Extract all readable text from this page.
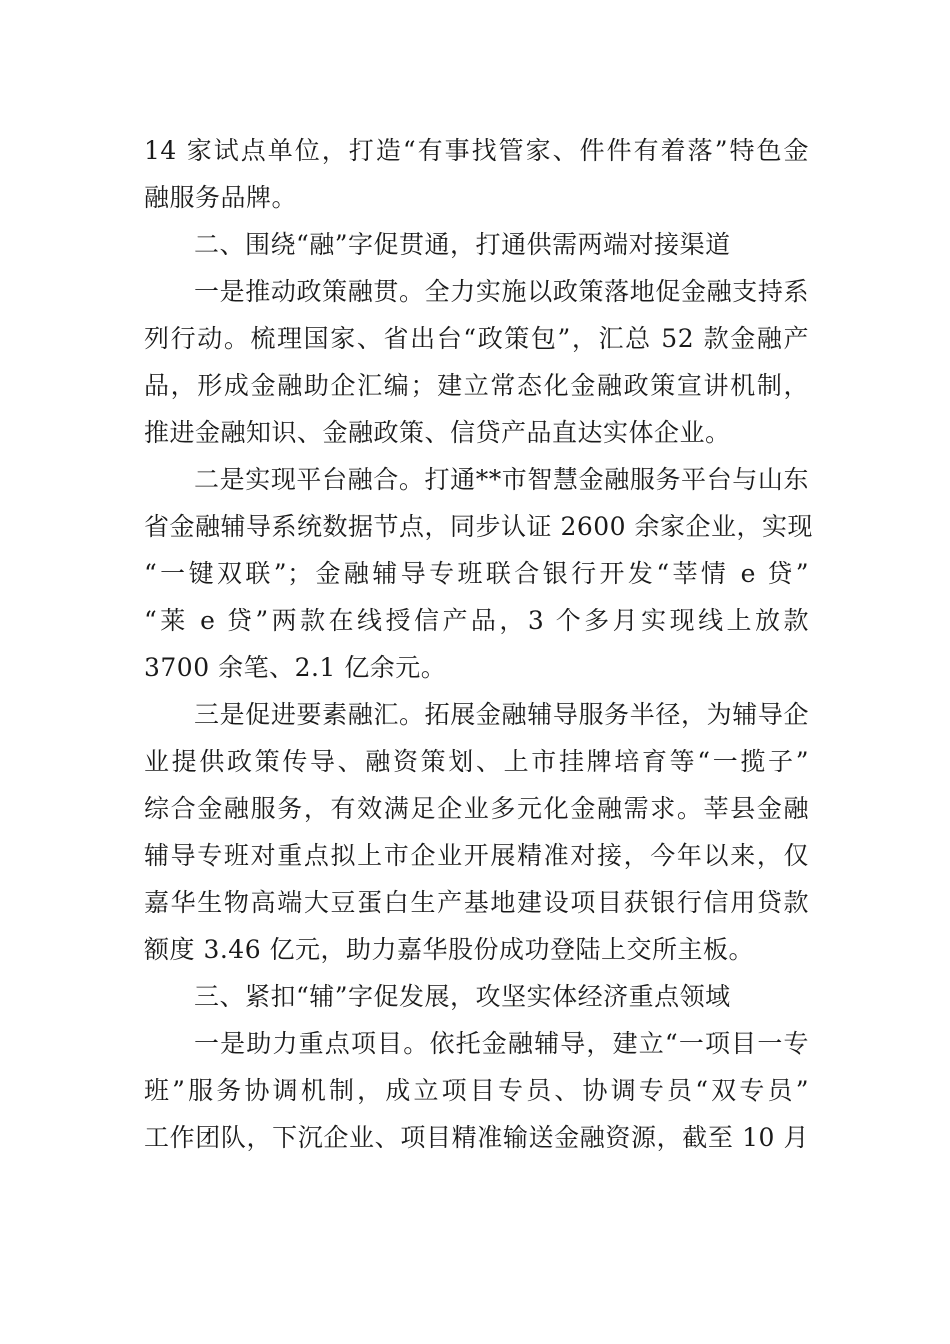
14 家试点单位，打造“有事找管家、件件有着落”特色金
融服务品牌。
二、围绕“融”字促贯通，打通供需两端对接渠道
一是推动政策融贯。全力实施以政策落地促金融支持系
列行动。梳理国家、省出台“政策包”，汇总 52 款金融产
品，形成金融助企汇编；建立常态化金融政策宣讲机制，
推进金融知识、金融政策、信贷产品直达实体企业。
二是实现平台融合。打通**市智慧金融服务平台与山东
省金融辅导系统数据节点，同步认证 2600 余家企业，实现
“一键双联”；金融辅导专班联合银行开发“莘情 e 贷”
“莱 e 贷”两款在线授信产品，3 个多月实现线上放款
3700 余笔、2.1 亿余元。
三是促进要素融汇。拓展金融辅导服务半径，为辅导企
业提供政策传导、融资策划、上市挂牌培育等“一揽子”
综合金融服务，有效满足企业多元化金融需求。莘县金融
辅导专班对重点拟上市企业开展精准对接，今年以来，仅
嘉华生物高端大豆蛋白生产基地建设项目获银行信用贷款
额度 3.46 亿元，助力嘉华股份成功登陆上交所主板。
三、紧扣“辅”字促发展，攻坚实体经济重点领域
一是助力重点项目。依托金融辅导，建立“一项目一专
班”服务协调机制，成立项目专员、协调专员“双专员”
工作团队，下沉企业、项目精准输送金融资源，截至 10 月
